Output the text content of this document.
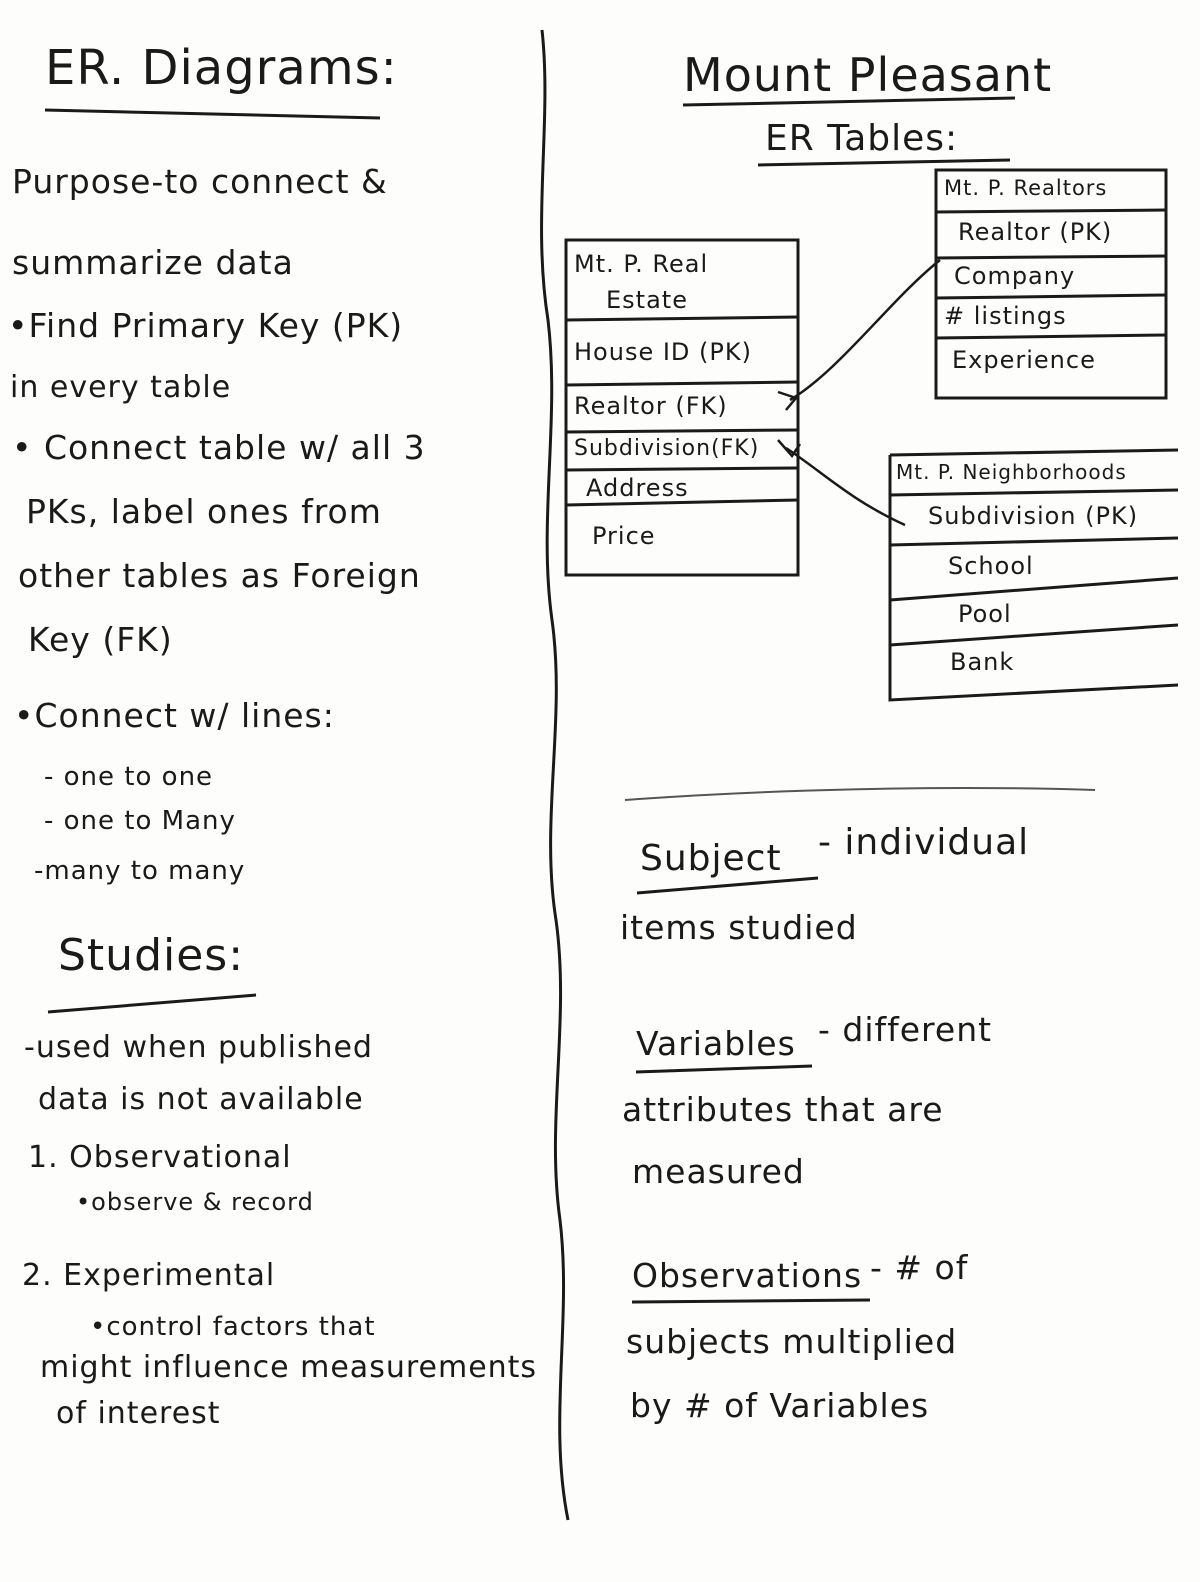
ER. Diagrams:
Purpose-to connect &
summarize data
•Find Primary Key (PK)
in every table
• Connect table w/ all 3
PKs, label ones from
other tables as Foreign
Key (FK)
•Connect w/ lines:
- one to one
- one to Many
-many to many
Studies:
-used when published
data is not available
1. Observational
•observe & record
2. Experimental
•control factors that
might influence measurements
of interest
Mount Pleasant
ER Tables:
Mt. P. Real
Estate
House ID (PK)
Realtor (FK)
Subdivision(FK)
Address
Price
Mt. P. Realtors
Realtor (PK)
Company
# listings
Experience
Mt. P. Neighborhoods
Subdivision (PK)
School
Pool
Bank
Subject - individual
items studied
Variables - different
attributes that are
measured
Observations - # of
subjects multiplied
by # of Variables
